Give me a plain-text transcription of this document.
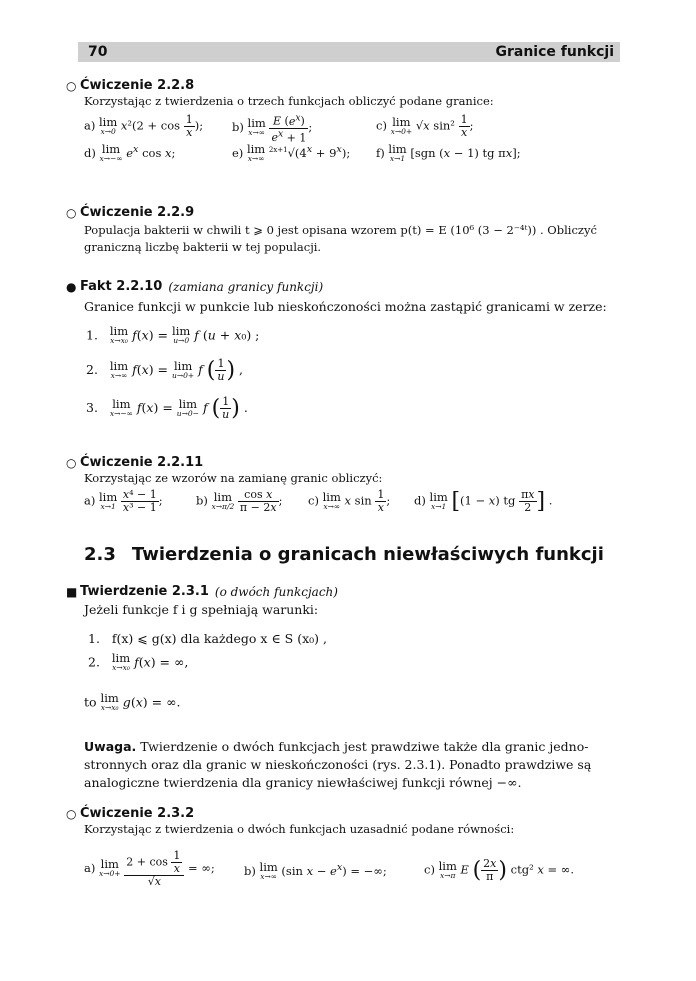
70	Granice funkcji
○ Ćwiczenie 2.2.8
Korzystając z twierdzenia o trzech funkcjach obliczyć podane granice:
a) lim
x→0 $x^2(2 + \cos \frac{1}{x}$ );	b) lim
x→∞
$\frac{E (e^x)}{e^x + 1}$ ;	c) lim
x→0+ √x $\sin^2 \frac{1}{x}$ ;
d) lim
x→−∞ $e^x$ cos x;	e) lim
x→∞
$^{2x+1}√(4^x + 9^x)$; f) lim
x→1 [sgn (x − 1) tg πx];
○ Ćwiczenie 2.2.9
Populacja bakterii w chwili t ⩾ 0 jest opisana wzorem p(t) = E (10⁶ (3 − 2⁻⁴ᵗ)) . Obliczyć
graniczną liczbę bakterii w tej populacji.
● Fakt 2.2.10 (zamiana granicy funkcji)
Granice funkcji w punkcie lub nieskończoności można zastąpić granicami w zerze:
1. lim
x→x₀ f(x) = lim
u→0 f (u + x₀) ;
2. lim
x→∞ f(x) = lim
u→0+ f ( $\frac{1}{u}$ ) ,
3. lim
x→−∞ f(x) = lim
u→0− f ( $\frac{1}{u}$ ) .
○ Ćwiczenie 2.2.11
Korzystając ze wzorów na zamianę granic obliczyć:
a) lim
x→1
$\frac{\text{x⁴ − 1}}{\text{x³ − 1}}$ ;	b) lim
x→π/2
$\frac{\text{cos x}}{\pi - 2x}$ ; c) lim
x→∞ x $\sin \frac{1}{x}$ ; d) lim
x→1 [(1 − x) tg $\frac{\pi x}{2}$ ] .
2.3 Twierdzenia o granicach niewłaściwych funkcji
■ Twierdzenie 2.3.1 (o dwóch funkcjach)
Jeżeli funkcje f i g spełniają warunki:
1.   f(x) ⩽ g(x) dla każdego x ∈ S (x₀) ,
2. lim
x→x₀ f(x) = ∞,
to lim
x→x₀ g(x) = ∞.
Uwaga. Twierdzenie o dwóch funkcjach jest prawdziwe także dla granic jedno-
stronnych oraz dla granic w nieskończoności (rys. 2.3.1). Ponadto prawdziwe są
analogiczne twierdzenia dla granicy niewłaściwej funkcji równej −∞.
○ Ćwiczenie 2.3.2
Korzystając z twierdzenia o dwóch funkcjach uzasadnić podane równości:
a) lim
x→0+
$\frac{2 + \cos \frac{1}{x}}{√x}$ = ∞;	b) lim
x→∞ (sin $x - e^x$) = −∞;	c) lim
x→π E ( $\frac{2x}{\pi}$ ) ctg² x = ∞.
